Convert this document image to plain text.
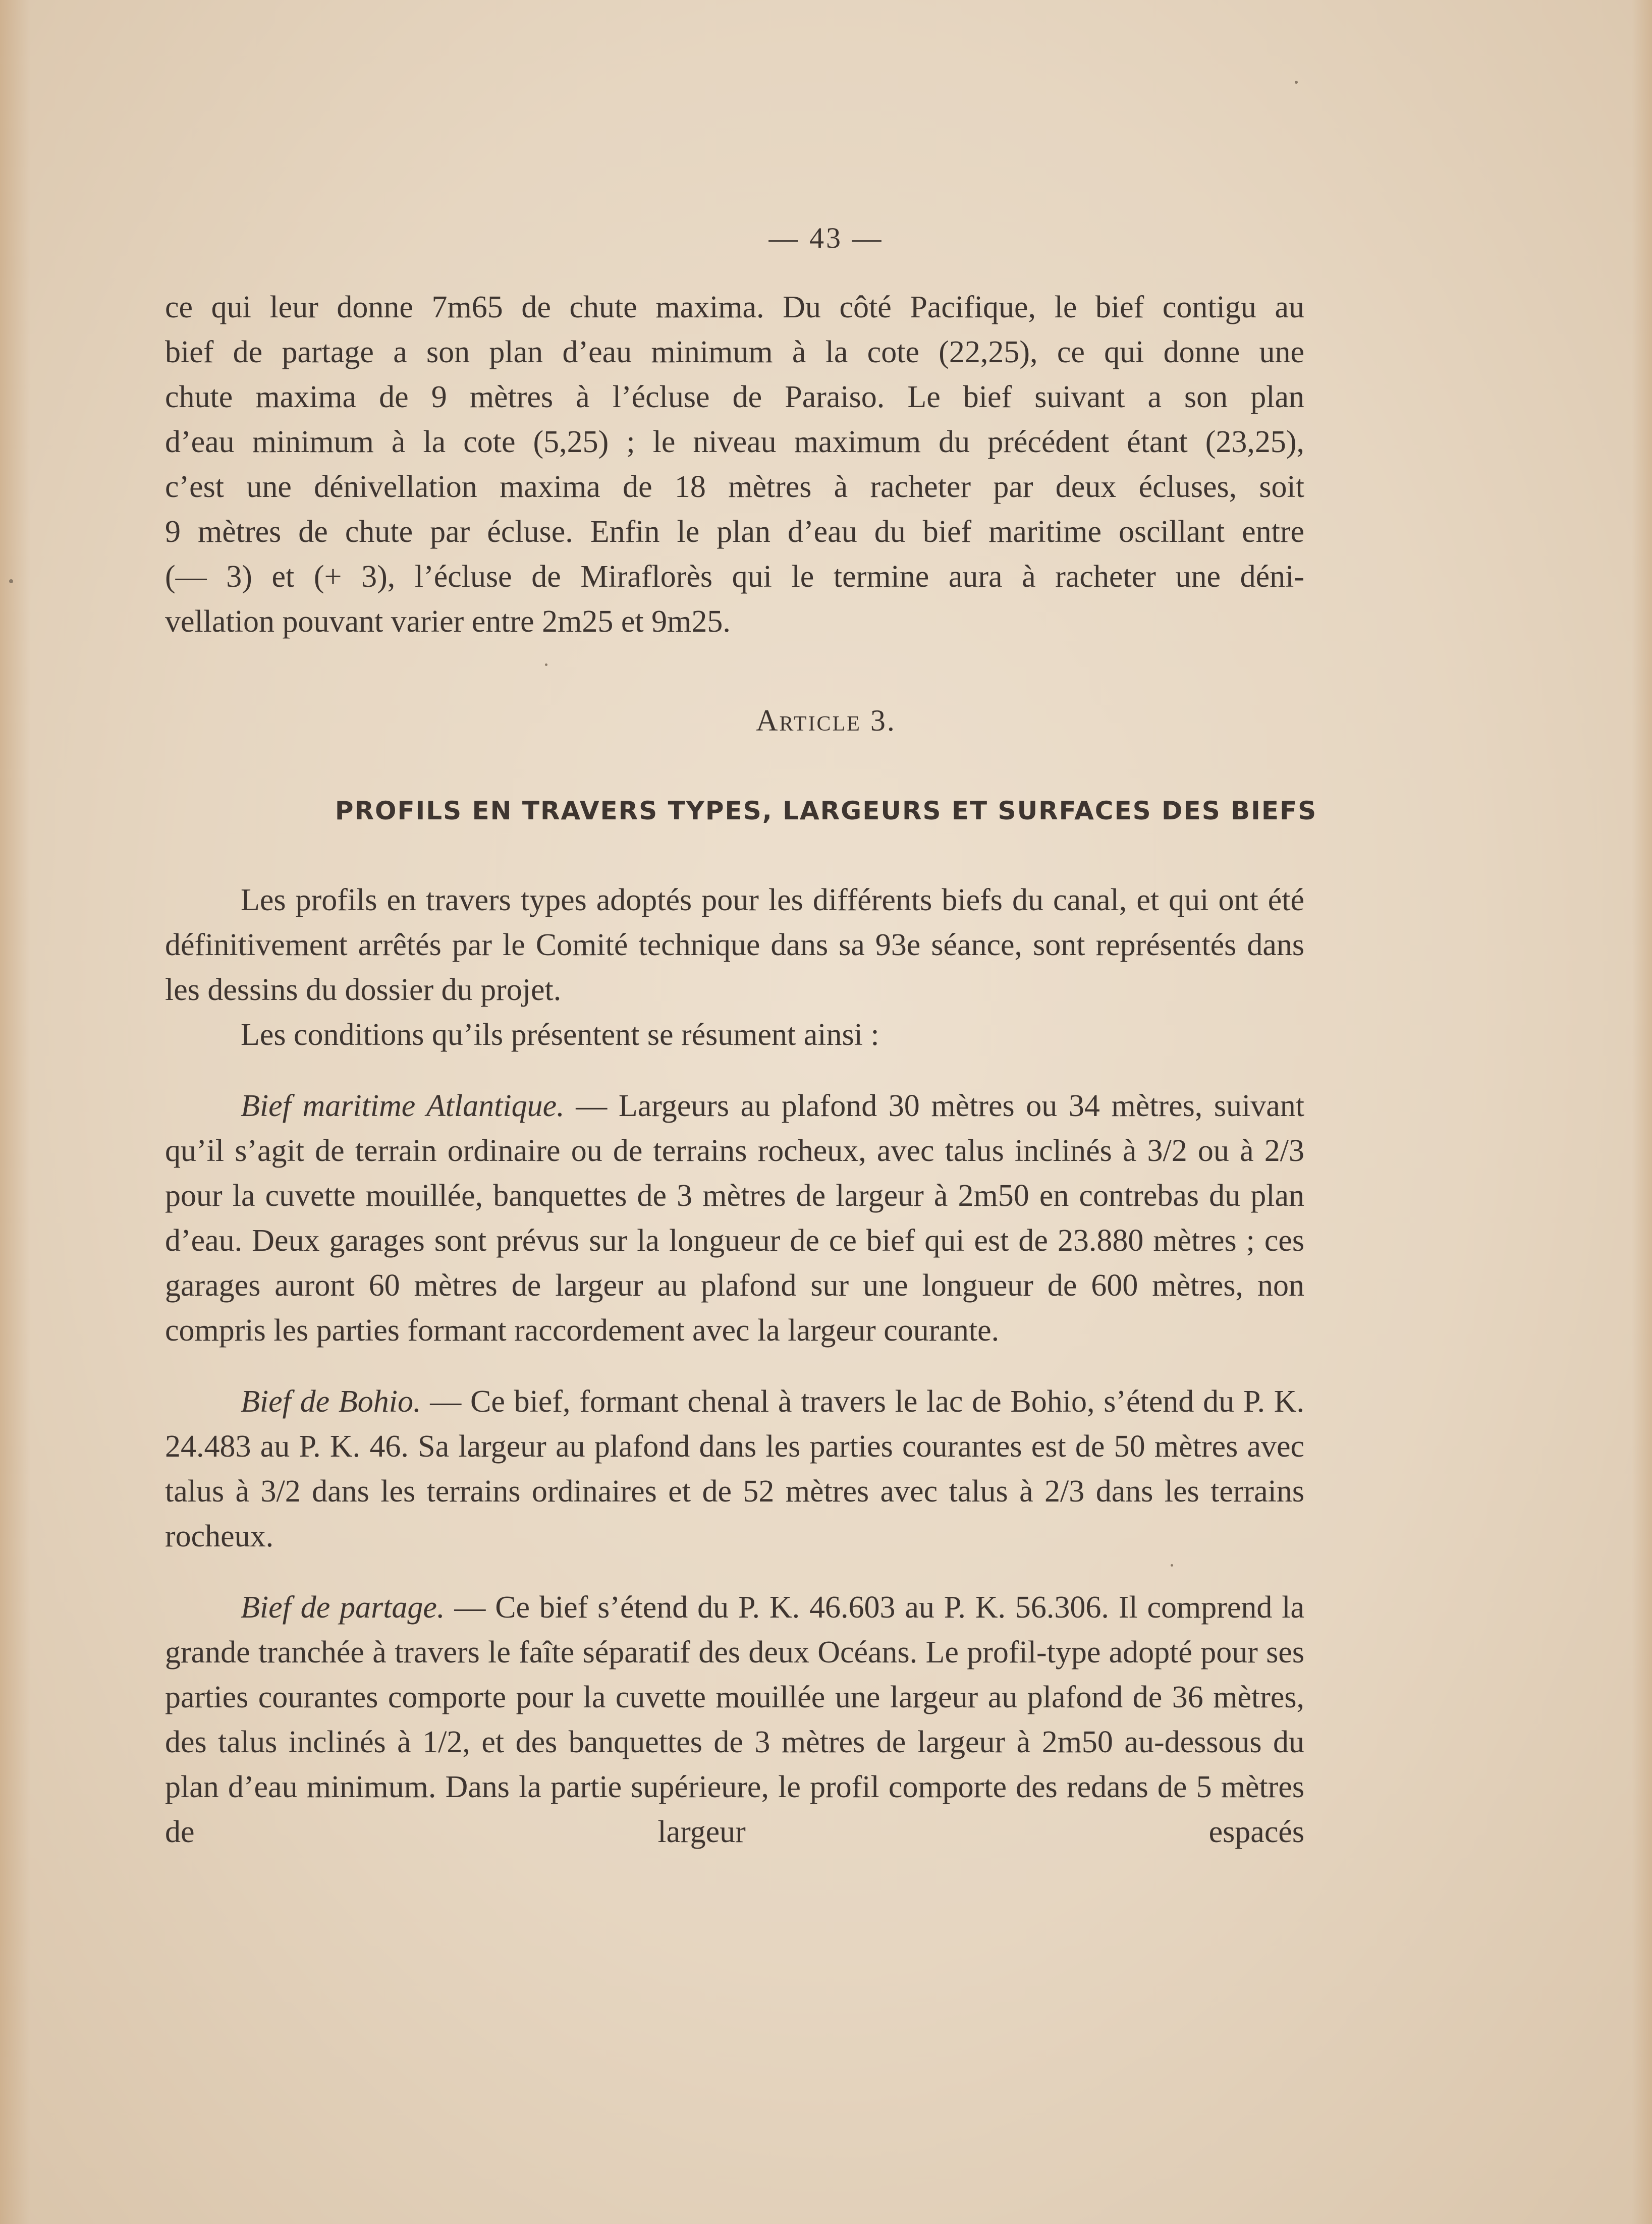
— 43 —

ce qui leur donne 7m65 de chute maxima. Du côté Pacifique, le bief contigu au

bief de partage a son plan d’eau minimum à la cote (22,25), ce qui donne une

chute maxima de 9 mètres à l’écluse de Paraiso. Le bief suivant a son plan

d’eau minimum à la cote (5,25) ; le niveau maximum du précédent étant (23,25),

c’est une dénivellation maxima de 18 mètres à racheter par deux écluses, soit

9 mètres de chute par écluse. Enfin le plan d’eau du bief maritime oscillant entre

(— 3) et (+ 3), l’écluse de Miraflorès qui le termine aura à racheter une déni-

vellation pouvant varier entre 2m25 et 9m25.

Article 3.
PROFILS EN TRAVERS TYPES, LARGEURS ET SURFACES DES BIEFS

Les profils en travers types adoptés pour les différents biefs du canal, et qui ont été définitivement arrêtés par le Comité technique dans sa 93e séance, sont représentés dans les dessins du dossier du projet.

Les conditions qu’ils présentent se résument ainsi :

Bief maritime Atlantique. — Largeurs au plafond 30 mètres ou 34 mètres, suivant qu’il s’agit de terrain ordinaire ou de terrains rocheux, avec talus inclinés à 3/2 ou à 2/3 pour la cuvette mouillée, banquettes de 3 mètres de largeur à 2m50 en contrebas du plan d’eau. Deux garages sont prévus sur la longueur de ce bief qui est de 23.880 mètres ; ces garages auront 60 mètres de largeur au plafond sur une longueur de 600 mètres, non compris les parties formant raccordement avec la largeur courante.

Bief de Bohio. — Ce bief, formant chenal à travers le lac de Bohio, s’étend du P. K. 24.483 au P. K. 46. Sa largeur au plafond dans les parties courantes est de 50 mètres avec talus à 3/2 dans les terrains ordinaires et de 52 mètres avec talus à 2/3 dans les terrains rocheux.

Bief de partage. — Ce bief s’étend du P. K. 46.603 au P. K. 56.306. Il comprend la grande tranchée à travers le faîte séparatif des deux Océans. Le profil-type adopté pour ses parties courantes comporte pour la cuvette mouillée une largeur au plafond de 36 mètres, des talus inclinés à 1/2, et des banquettes de 3 mètres de largeur à 2m50 au-dessous du plan d’eau minimum. Dans la partie supérieure, le profil comporte des redans de 5 mètres de largeur espacés
